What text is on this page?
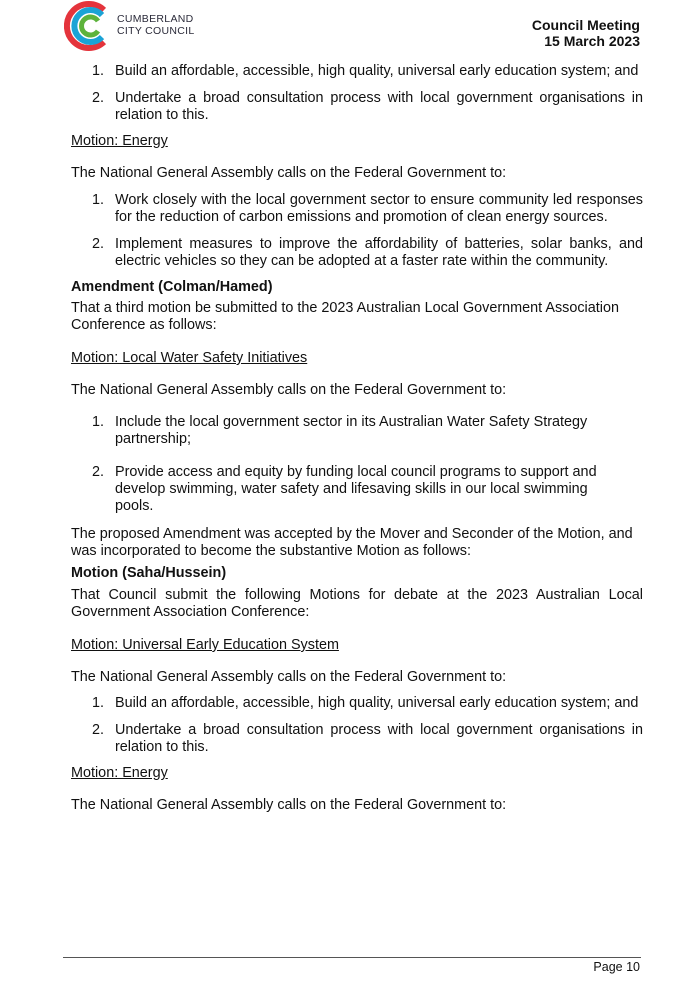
CUMBERLAND
CITY COUNCIL	Council Meeting
15 March 2023
1. Build an affordable, accessible, high quality, universal early education system; and
2. Undertake a broad consultation process with local government organisations in relation to this.
Motion: Energy
The National General Assembly calls on the Federal Government to:
1. Work closely with the local government sector to ensure community led responses for the reduction of carbon emissions and promotion of clean energy sources.
2. Implement measures to improve the affordability of batteries, solar banks, and electric vehicles so they can be adopted at a faster rate within the community.
Amendment (Colman/Hamed)
That a third motion be submitted to the 2023 Australian Local Government Association Conference as follows:
Motion: Local Water Safety Initiatives
The National General Assembly calls on the Federal Government to:
1. Include the local government sector in its Australian Water Safety Strategy partnership;
2. Provide access and equity by funding local council programs to support and develop swimming, water safety and lifesaving skills in our local swimming pools.
The proposed Amendment was accepted by the Mover and Seconder of the Motion, and was incorporated to become the substantive Motion as follows:
Motion (Saha/Hussein)
That Council submit the following Motions for debate at the 2023 Australian Local Government Association Conference:
Motion: Universal Early Education System
The National General Assembly calls on the Federal Government to:
1. Build an affordable, accessible, high quality, universal early education system; and
2. Undertake a broad consultation process with local government organisations in relation to this.
Motion: Energy
The National General Assembly calls on the Federal Government to:
Page 10
